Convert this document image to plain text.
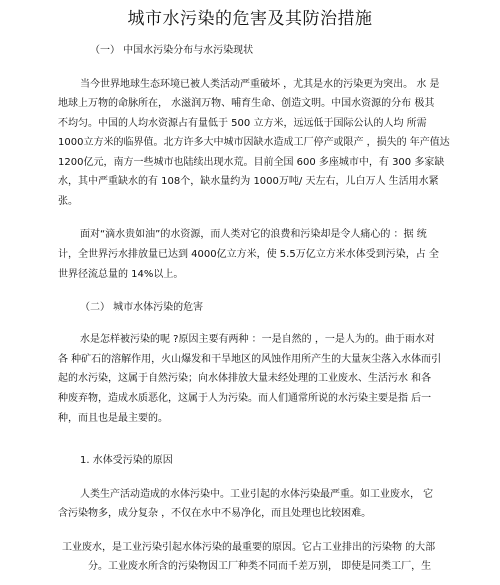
城市水污染的危害及其防治措施

（一） 中国水污染分布与水污染现状

当今世界地球生态环境已被人类活动严重破坏 ，尤其是水的污染更为突出。 水 是

地球上万物的命脉所在， 水滋润万物、哺育生命、创造文明。中国水资源的分布 极其

不均匀。中国的人均水资源占有量低于 500 立方米，远远低于国际公认的人均 所需

1000立方米的临界值。北方许多大中城市因缺水造成工厂停产或限产 ，损失的 年产值达

1200亿元，南方一些城市也陆续出现水荒。目前全国 600 多座城市中，有 300 多家缺

水，其中严重缺水的有 108个，缺水量约为 1000万吨/ 天左右，儿白万人 生活用水紧

张。

面对“滴水贵如油”的水资源，而人类对它的浪费和污染却是令人痛心的 ：据 统

计，全世界污水排放量已达到 4000亿立方米，使 5.5万亿立方米水体受到污染，占 全

世界径流总量的 14%以上。

（二） 城市水体污染的危害

水是怎样被污染的呢 ?原因主要有两种 ：一是自然的 ，一是人为的。曲于雨水对

各 种矿石的溶解作用，火山爆发和干旱地区的风蚀作用所产生的大量灰尘落入水体而引

起的水污染，这属于自然污染；向水体排放大量未经处理的工业废水、生活污水 和各

种废弃物，造成水质恶化，这属于人为污染。而人们通常所说的水污染主要是指 后一

种，而且也是最主要的。

1. 水体受污染的原因

人类生产活动造成的水体污染中。工业引起的水体污染最严重。如工业废水， 它

含污染物多，成分复杂 ，不仅在水中不易净化，而且处理也比较困难。

工业废水，是工业污染引起水体污染的最重要的原因。它占工业排出的污染物 的大部

分。工业废水所含的污染物因工厂种类不同而千差万别， 即使是同类工厂，生
